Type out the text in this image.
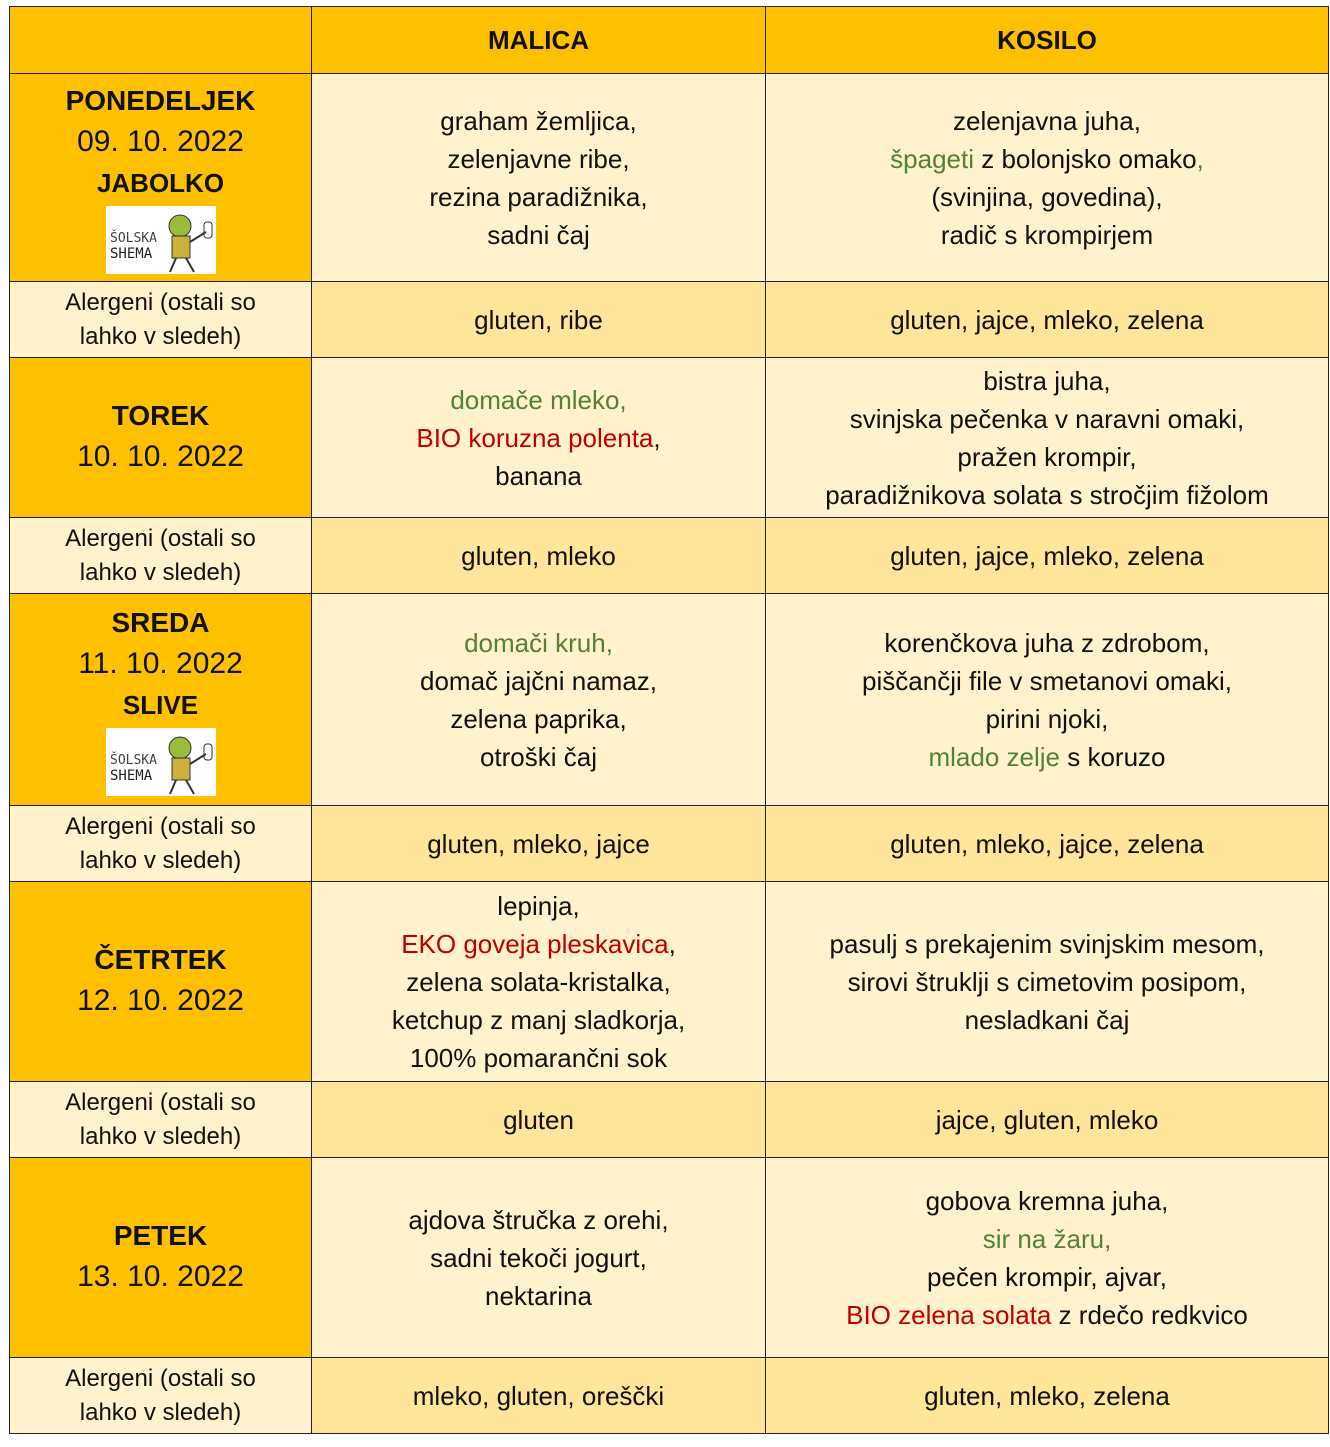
	MALICA	KOSILO

PONEDELJEK
09. 10. 2022
JABOLKO
ŠOLSKA
SHEMA	graham žemljica,
zelenjavne ribe,
rezina paradižnika,
sadni čaj	zelenjavna juha,
špageti z bolonjsko omako,
(svinjina, govedina),
radič s krompirjem

Alergeni (ostali so
lahko v sledeh)	gluten, ribe	gluten, jajce, mleko, zelena

TOREK
10. 10. 2022	domače mleko,
BIO koruzna polenta,
banana	bistra juha,
svinjska pečenka v naravni omaki,
pražen krompir,
paradižnikova solata s stročjim fižolom

Alergeni (ostali so
lahko v sledeh)	gluten, mleko	gluten, jajce, mleko, zelena

SREDA
11. 10. 2022
SLIVE
ŠOLSKA
SHEMA	domači kruh,
domač jajčni namaz,
zelena paprika,
otroški čaj	korenčkova juha z zdrobom,
piščančji file v smetanovi omaki,
pirini njoki,
mlado zelje s koruzo

Alergeni (ostali so
lahko v sledeh)	gluten, mleko, jajce	gluten, mleko, jajce, zelena

ČETRTEK
12. 10. 2022	lepinja,
EKO goveja pleskavica,
zelena solata-kristalka,
ketchup z manj sladkorja,
100% pomarančni sok	pasulj s prekajenim svinjskim mesom,
sirovi štruklji s cimetovim posipom,
nesladkani čaj

Alergeni (ostali so
lahko v sledeh)	gluten	jajce, gluten, mleko

PETEK
13. 10. 2022	ajdova štručka z orehi,
sadni tekoči jogurt,
nektarina	gobova kremna juha,
sir na žaru,
pečen krompir, ajvar,
BIO zelena solata z rdečo redkvico

Alergeni (ostali so
lahko v sledeh)	mleko, gluten, oreščki	gluten, mleko, zelena
